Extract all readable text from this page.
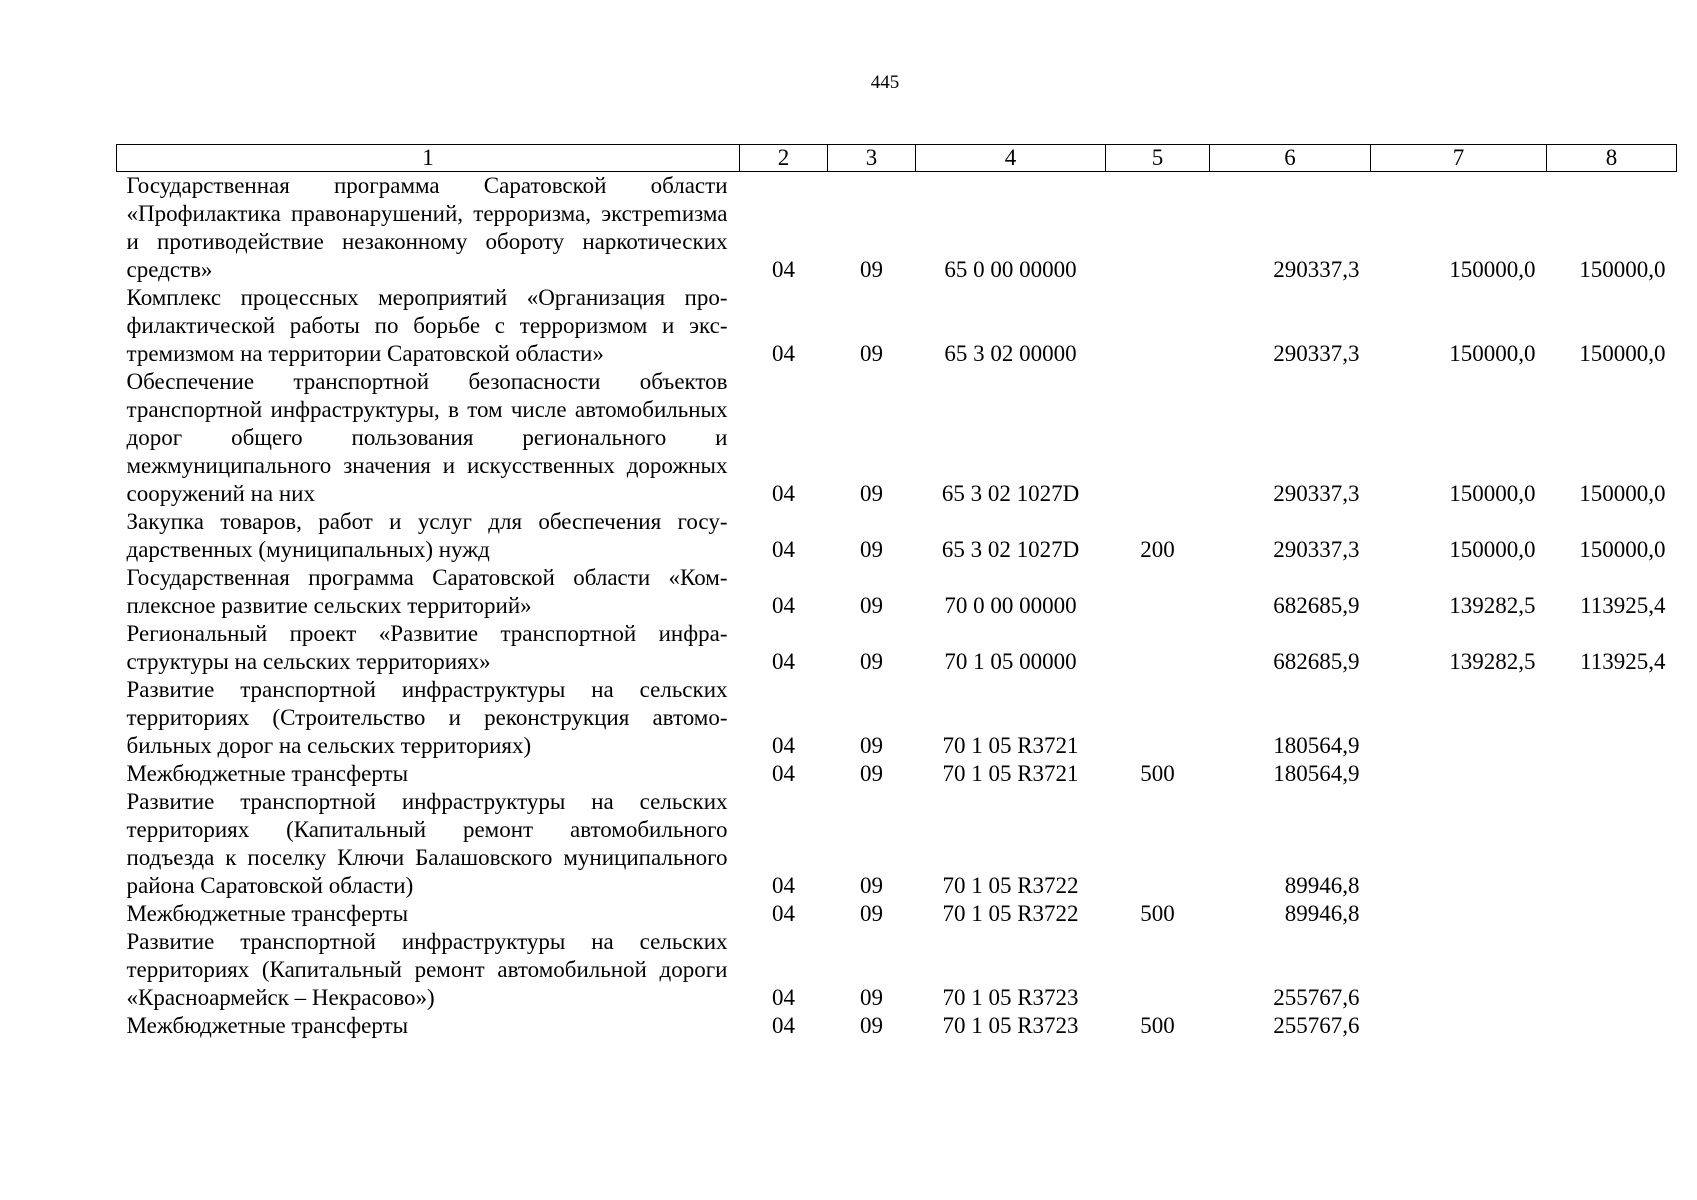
445
1	2	3	4	5	6	7	8
Государственная программа Саратовской области «Профилактика правонарушений, терроризма, экстреmизма и противодействие незаконному обороту наркотических средств»	04	09	65 0 00 00000		290337,3	150000,0	150000,0
Комплекс процессных мероприятий «Организация профилактической работы по борьбе с терроризмом и экстремизмом на территории Саратовской области»	04	09	65 3 02 00000		290337,3	150000,0	150000,0
Обеспечение транспортной безопасности объектов транспортной инфраструктуры, в том числе автомобильных дорог общего пользования регионального и межмуниципального значения и искусственных дорожных сооружений на них	04	09	65 3 02 1027D		290337,3	150000,0	150000,0
Закупка товаров, работ и услуг для обеспечения государственных (муниципальных) нужд	04	09	65 3 02 1027D	200	290337,3	150000,0	150000,0
Государственная программа Саратовской области «Комплексное развитие сельских территорий»	04	09	70 0 00 00000		682685,9	139282,5	113925,4
Региональный проект «Развитие транспортной инфраструктуры на сельских территориях»	04	09	70 1 05 00000		682685,9	139282,5	113925,4
Развитие транспортной инфраструктуры на сельских территориях (Строительство и реконструкция автомобильных дорог на сельских территориях)	04	09	70 1 05 R3721		180564,9		
Межбюджетные трансферты	04	09	70 1 05 R3721	500	180564,9		
Развитие транспортной инфраструктуры на сельских территориях (Капитальный ремонт автомобильного подъезда к поселку Ключи Балашовского муниципального района Саратовской области)	04	09	70 1 05 R3722		89946,8		
Межбюджетные трансферты	04	09	70 1 05 R3722	500	89946,8		
Развитие транспортной инфраструктуры на сельских территориях (Капитальный ремонт автомобильной дороги «Красноармейск – Некрасово»)	04	09	70 1 05 R3723		255767,6		
Межбюджетные трансферты	04	09	70 1 05 R3723	500	255767,6		
